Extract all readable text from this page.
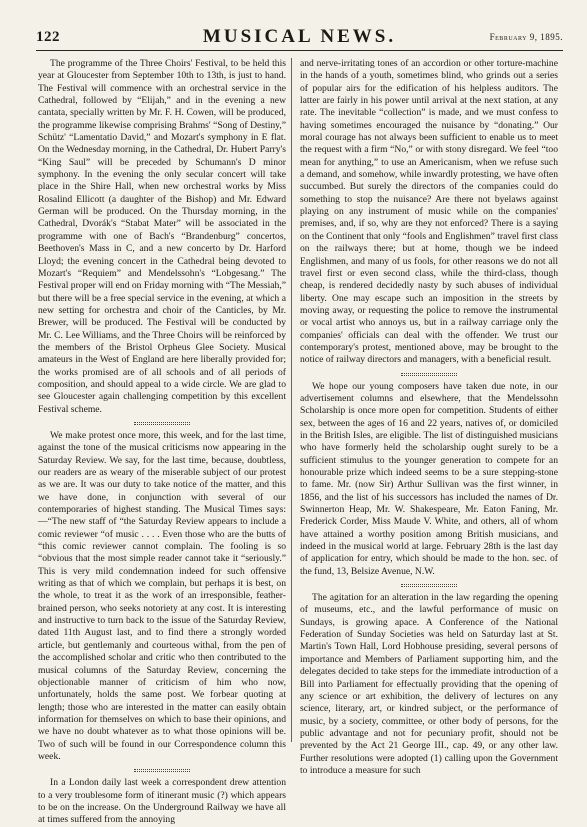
122	MUSICAL NEWS.	February 9, 1895.

The programme of the Three Choirs' Festival, to be held this year at Gloucester from September 10th to 13th, is just to hand. The Festival will commence with an orchestral service in the Cathedral, followed by “Elijah,” and in the evening a new cantata, specially written by Mr. F. H. Cowen, will be produced, the programme likewise comprising Brahms' “Song of Destiny,” Schütz' “Lamentatio David,” and Mozart's symphony in E flat. On the Wednesday morning, in the Cathedral, Dr. Hubert Parry's “King Saul” will be preceded by Schumann's D minor symphony. In the evening the only secular concert will take place in the Shire Hall, when new orchestral works by Miss Rosalind Ellicott (a daughter of the Bishop) and Mr. Edward German will be produced. On the Thursday morning, in the Cathedral, Dvorák's “Stabat Mater” will be associated in the programme with one of Bach's “Brandenburg” concertos, Beethoven's Mass in C, and a new concerto by Dr. Harford Lloyd; the evening concert in the Cathedral being devoted to Mozart's “Requiem” and Mendelssohn's “Lobgesang.” The Festival proper will end on Friday morning with “The Messiah,” but there will be a free special service in the evening, at which a new setting for orchestra and choir of the Canticles, by Mr. Brewer, will be produced. The Festival will be conducted by Mr. C. Lee Williams, and the Three Choirs will be reinforced by the members of the Bristol Orpheus Glee Society. Musical amateurs in the West of England are here liberally provided for; the works promised are of all schools and of all periods of composition, and should appeal to a wide circle. We are glad to see Gloucester again challenging competition by this excellent Festival scheme.

We make protest once more, this week, and for the last time, against the tone of the musical criticisms now appearing in the Saturday Review. We say, for the last time, because, doubtless, our readers are as weary of the miserable subject of our protest as we are. It was our duty to take notice of the matter, and this we have done, in conjunction with several of our contemporaries of highest standing. The Musical Times says:—“The new staff of “the Saturday Review appears to include a comic reviewer “of music . . . . Even those who are the butts of “this comic reviewer cannot complain. The fooling is so “obvious that the most simple reader cannot take it “seriously.” This is very mild condemnation indeed for such offensive writing as that of which we complain, but perhaps it is best, on the whole, to treat it as the work of an irresponsible, feather-brained person, who seeks notoriety at any cost. It is interesting and instructive to turn back to the issue of the Saturday Review, dated 11th August last, and to find there a strongly worded article, but gentlemanly and courteous withal, from the pen of the accomplished scholar and critic who then contributed to the musical columns of the Saturday Review, concerning the objectionable manner of criticism of him who now, unfortunately, holds the same post. We forbear quoting at length; those who are interested in the matter can easily obtain information for themselves on which to base their opinions, and we have no doubt whatever as to what those opinions will be. Two of such will be found in our Correspondence column this week.

In a London daily last week a correspondent drew attention to a very troublesome form of itinerant music (?) which appears to be on the increase. On the Underground Railway we have all at times suffered from the annoying

and nerve-irritating tones of an accordion or other torture-machine in the hands of a youth, sometimes blind, who grinds out a series of popular airs for the edification of his helpless auditors. The latter are fairly in his power until arrival at the next station, at any rate. The inevitable “collection” is made, and we must confess to having sometimes encouraged the nuisance by “donating.” Our moral courage has not always been sufficient to enable us to meet the request with a firm “No,” or with stony disregard. We feel “too mean for anything,” to use an Americanism, when we refuse such a demand, and somehow, while inwardly protesting, we have often succumbed. But surely the directors of the companies could do something to stop the nuisance? Are there not byelaws against playing on any instrument of music while on the companies' premises, and, if so, why are they not enforced? There is a saying on the Continent that only “fools and Englishmen” travel first class on the railways there; but at home, though we be indeed Englishmen, and many of us fools, for other reasons we do not all travel first or even second class, while the third-class, though cheap, is rendered decidedly nasty by such abuses of individual liberty. One may escape such an imposition in the streets by moving away, or requesting the police to remove the instrumental or vocal artist who annoys us, but in a railway carriage only the companies' officials can deal with the offender. We trust our contemporary's protest, mentioned above, may be brought to the notice of railway directors and managers, with a beneficial result.

We hope our young composers have taken due note, in our advertisement columns and elsewhere, that the Mendelssohn Scholarship is once more open for competition. Students of either sex, between the ages of 16 and 22 years, natives of, or domiciled in the British Isles, are eligible. The list of distinguished musicians who have formerly held the scholarship ought surely to be a sufficient stimulus to the younger generation to compete for an honourable prize which indeed seems to be a sure stepping-stone to fame. Mr. (now Sir) Arthur Sullivan was the first winner, in 1856, and the list of his successors has included the names of Dr. Swinnerton Heap, Mr. W. Shakespeare, Mr. Eaton Faning, Mr. Frederick Corder, Miss Maude V. White, and others, all of whom have attained a worthy position among British musicians, and indeed in the musical world at large. February 28th is the last day of application for entry, which should be made to the hon. sec. of the fund, 13, Belsize Avenue, N.W.

The agitation for an alteration in the law regarding the opening of museums, etc., and the lawful performance of music on Sundays, is growing apace. A Conference of the National Federation of Sunday Societies was held on Saturday last at St. Martin's Town Hall, Lord Hobhouse presiding, several persons of importance and Members of Parliament supporting him, and the delegates decided to take steps for the immediate introduction of a Bill into Parliament for effectually providing that the opening of any science or art exhibition, the delivery of lectures on any science, literary, art, or kindred subject, or the performance of music, by a society, committee, or other body of persons, for the public advantage and not for pecuniary profit, should not be prevented by the Act 21 George III., cap. 49, or any other law. Further resolutions were adopted (1) calling upon the Government to introduce a measure for such
